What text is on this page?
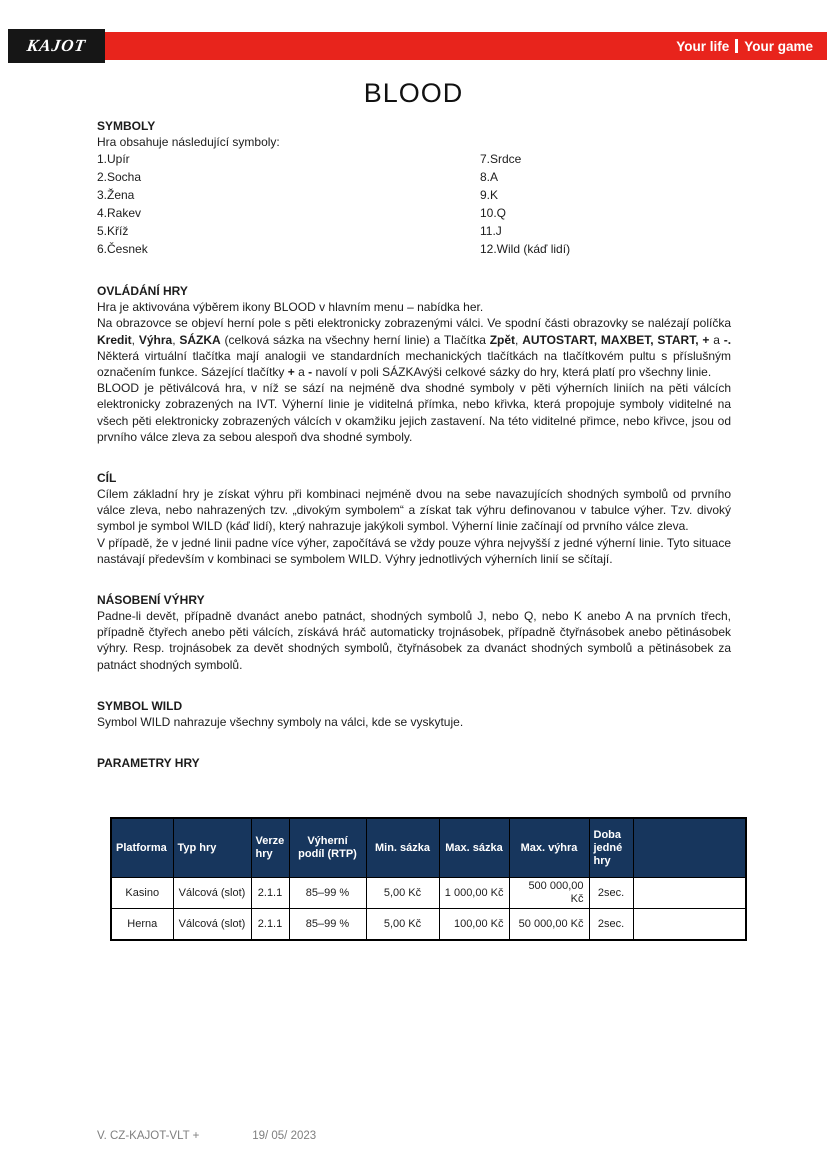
KAJOT	Your life Your game
BLOOD
SYMBOLY

Hra obsahuje následující symboly:

1.Upír
2.Socha
3.Žena
4.Rakev
5.Kříž
6.Česnek
7.Srdce
8.A
9.K
10.Q
11.J
12.Wild (káď lidí)
OVLÁDÁNÍ HRY

Hra je aktivována výběrem ikony BLOOD v hlavním menu – nabídka her.

Na obrazovce se objeví herní pole s pěti elektronicky zobrazenými válci. Ve spodní části obrazovky se nalézají políčka Kredit, Výhra, SÁZKA (celková sázka na všechny herní linie) a Tlačítka Zpět, AUTOSTART, MAXBET, START, + a -. Některá virtuální tlačítka mají analogii ve standardních mechanických tlačítkách na tlačítkovém pultu s příslušným označením funkce. Sázející tlačítky + a - navolí v poli SÁZKAvýši celkové sázky do hry, která platí pro všechny linie.

BLOOD je pětiválcová hra, v níž se sází na nejméně dva shodné symboly v pěti výherních liniích na pěti válcích elektronicky zobrazených na IVT. Výherní linie je viditelná přímka, nebo křivka, která propojuje symboly viditelné na všech pěti elektronicky zobrazených válcích v okamžiku jejich zastavení. Na této viditelné přimce, nebo křivce, jsou od prvního válce zleva za sebou alespoň dva shodné symboly.

CÍL

Cílem základní hry je získat výhru při kombinaci nejméně dvou na sebe navazujících shodných symbolů od prvního válce zleva, nebo nahrazených tzv. „divokým symbolem“ a získat tak výhru definovanou v tabulce výher. Tzv. divoký symbol je symbol WILD (káď lidí), který nahrazuje jakýkoli symbol. Výherní linie začínají od prvního válce zleva.

V případě, že v jedné linii padne více výher, započítává se vždy pouze výhra nejvyšší z jedné výherní linie. Tyto situace nastávají především v kombinaci se symbolem WILD. Výhry jednotlivých výherních linií se sčítají.

NÁSOBENÍ VÝHRY

Padne-li devět, případně dvanáct anebo patnáct, shodných symbolů J, nebo Q, nebo K anebo A na prvních třech, případně čtyřech anebo pěti válcích, získává hráč automaticky trojnásobek, případně čtyřnásobek anebo pětinásobek výhry. Resp. trojnásobek za devět shodných symbolů, čtyřnásobek za dvanáct shodných symbolů a pětinásobek za patnáct shodných symbolů.

SYMBOL WILD

Symbol WILD nahrazuje všechny symboly na válci, kde se vyskytuje.

PARAMETRY HRY
Platforma	Typ hry	Verze hry	Výherní podíl (RTP)	Min. sázka	Max. sázka	Max. výhra	Doba jedné hry	
Kasino	Válcová (slot)	2.1.1	85–99 %	5,00 Kč	1 000,00 Kč	500 000,00 Kč	2sec.	
Herna	Válcová (slot)	2.1.1	85–99 %	5,00 Kč	100,00 Kč	50 000,00 Kč	2sec.	
V. CZ-KAJOT-VLT +	19/ 05/ 2023
